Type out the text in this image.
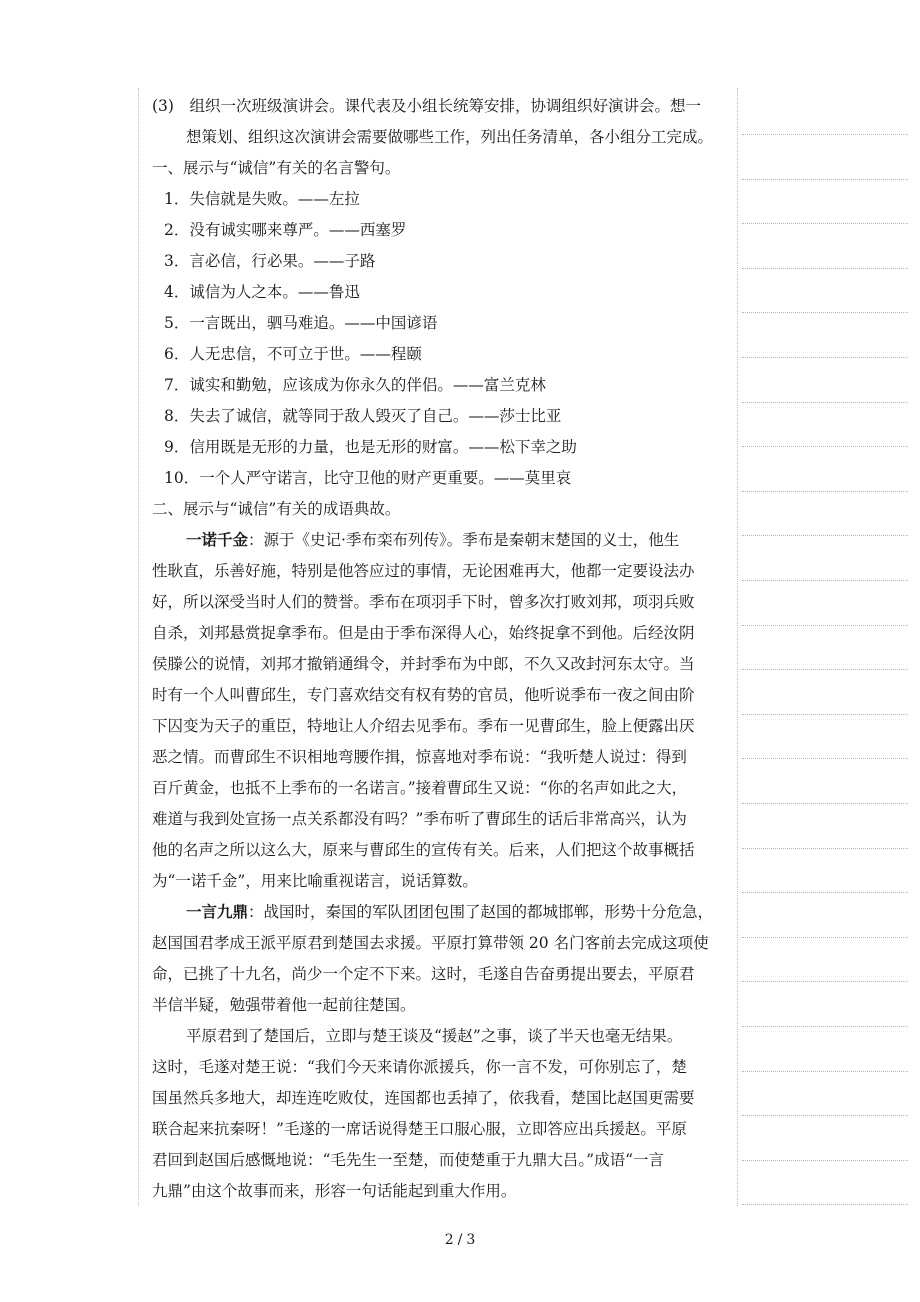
(3)　组织一次班级演讲会。课代表及小组长统筹安排，协调组织好演讲会。想一
想策划、组织这次演讲会需要做哪些工作，列出任务清单，各小组分工完成。
一、展示与“诚信”有关的名言警句。
1．失信就是失败。——左拉
2．没有诚实哪来尊严。——西塞罗
3．言必信，行必果。——子路
4．诚信为人之本。——鲁迅
5．一言既出，驷马难追。——中国谚语
6．人无忠信，不可立于世。——程颐
7．诚实和勤勉，应该成为你永久的伴侣。——富兰克林
8．失去了诚信，就等同于敌人毁灭了自己。——莎士比亚
9．信用既是无形的力量，也是无形的财富。——松下幸之助
10．一个人严守诺言，比守卫他的财产更重要。——莫里哀
二、展示与“诚信”有关的成语典故。
一诺千金：源于《史记·季布栾布列传》。季布是秦朝末楚国的义士，他生
性耿直，乐善好施，特别是他答应过的事情，无论困难再大，他都一定要设法办
好，所以深受当时人们的赞誉。季布在项羽手下时，曾多次打败刘邦，项羽兵败
自杀，刘邦悬赏捉拿季布。但是由于季布深得人心，始终捉拿不到他。后经汝阴
侯滕公的说情，刘邦才撤销通缉令，并封季布为中郎，不久又改封河东太守。当
时有一个人叫曹邱生，专门喜欢结交有权有势的官员，他听说季布一夜之间由阶
下囚变为天子的重臣，特地让人介绍去见季布。季布一见曹邱生，脸上便露出厌
恶之情。而曹邱生不识相地弯腰作揖，惊喜地对季布说：“我听楚人说过：得到
百斤黄金，也抵不上季布的一名诺言。”接着曹邱生又说：“你的名声如此之大，
难道与我到处宣扬一点关系都没有吗？”季布听了曹邱生的话后非常高兴，认为
他的名声之所以这么大，原来与曹邱生的宣传有关。后来，人们把这个故事概括
为“一诺千金”，用来比喻重视诺言，说话算数。
一言九鼎：战国时，秦国的军队团团包围了赵国的都城邯郸，形势十分危急，
赵国国君孝成王派平原君到楚国去求援。平原打算带领 20 名门客前去完成这项使
命，已挑了十九名，尚少一个定不下来。这时，毛遂自告奋勇提出要去，平原君
半信半疑，勉强带着他一起前往楚国。
平原君到了楚国后，立即与楚王谈及“援赵”之事，谈了半天也毫无结果。
这时，毛遂对楚王说：“我们今天来请你派援兵，你一言不发，可你别忘了，楚
国虽然兵多地大，却连连吃败仗，连国都也丢掉了，依我看，楚国比赵国更需要
联合起来抗秦呀！”毛遂的一席话说得楚王口服心服，立即答应出兵援赵。平原
君回到赵国后感慨地说：“毛先生一至楚，而使楚重于九鼎大吕。”成语“一言
九鼎”由这个故事而来，形容一句话能起到重大作用。
2 / 3
